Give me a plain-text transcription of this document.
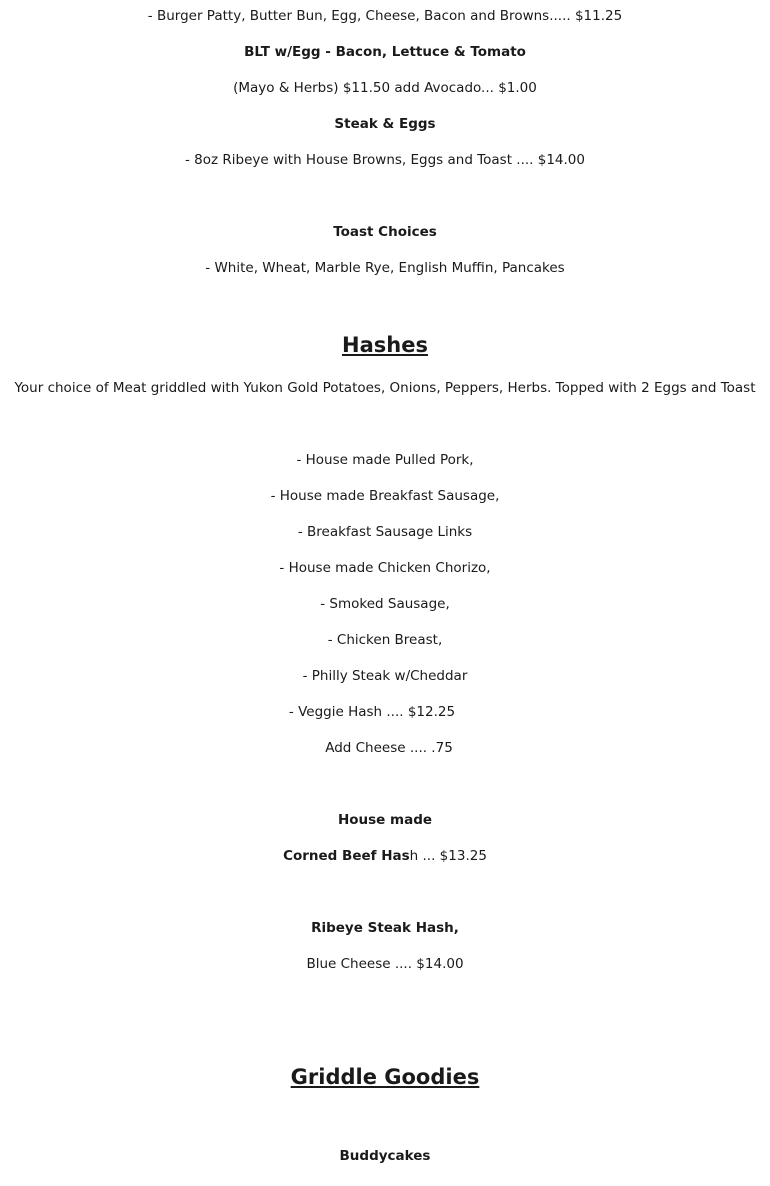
- Burger Patty, Butter Bun, Egg, Cheese, Bacon and Browns..... $11.25
BLT w/Egg - Bacon, Lettuce & Tomato
(Mayo & Herbs) $11.50 add Avocado... $1.00
Steak & Eggs
- 8oz Ribeye with House Browns, Eggs and Toast .... $14.00
Toast Choices
- White, Wheat, Marble Rye, English Muffin, Pancakes
Hashes
Your choice of Meat griddled with Yukon Gold Potatoes, Onions, Peppers, Herbs. Topped with 2 Eggs and Toast
- House made Pulled Pork,
- House made Breakfast Sausage,
- Breakfast Sausage Links
- House made Chicken Chorizo,
- Smoked Sausage,
- Chicken Breast,
- Philly Steak w/Cheddar
- Veggie Hash .... $12.25
Add Cheese .... .75
House made
Corned Beef Hash ... $13.25
Ribeye Steak Hash,
Blue Cheese .... $14.00
Griddle Goodies
Buddycakes
